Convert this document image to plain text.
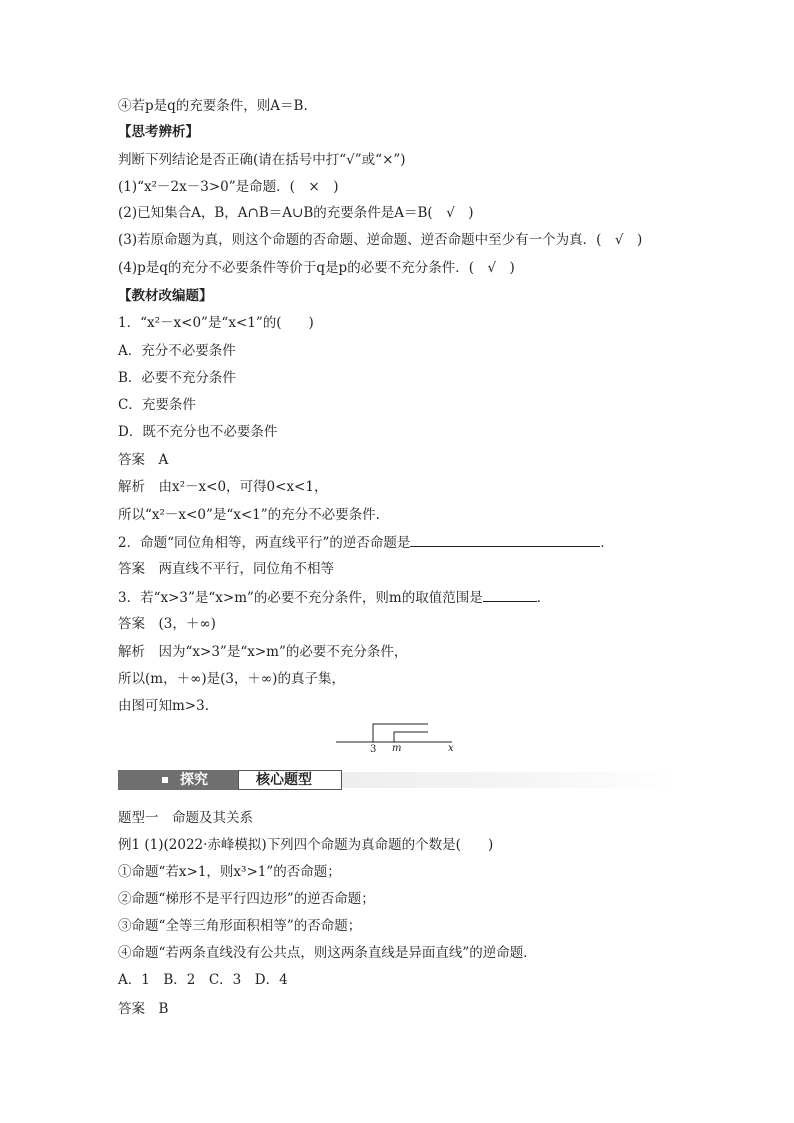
④若p是q的充要条件，则A＝B.
【思考辨析】
判断下列结论是否正确(请在括号中打“√”或“×”)
(1)“x²－2x－3>0”是命题．(　×　)
(2)已知集合A，B，A∩B＝A∪B的充要条件是A＝B(　√　)
(3)若原命题为真，则这个命题的否命题、逆命题、逆否命题中至少有一个为真．(　√　)
(4)p是q的充分不必要条件等价于q是p的必要不充分条件．(　√　)
【教材改编题】
1．“x²－x<0”是“x<1”的(　　)
A．充分不必要条件
B．必要不充分条件
C．充要条件
D．既不充分也不必要条件
答案　A
解析　由x²－x<0，可得0<x<1，
所以“x²－x<0”是“x<1”的充分不必要条件．
2．命题“同位角相等，两直线平行”的逆否命题是	．
答案　两直线不平行，同位角不相等
3．若“x>3”是“x>m”的必要不充分条件，则m的取值范围是	．
答案　(3，＋∞)
解析　因为“x>3”是“x>m”的必要不充分条件，
所以(m，＋∞)是(3，＋∞)的真子集，
由图可知m>3.
3 m	x
探究	核心题型
题型一　命题及其关系
例1 (1)(2022·赤峰模拟)下列四个命题为真命题的个数是(　　)
①命题“若x>1，则x³>1”的否命题；
②命题“梯形不是平行四边形”的逆否命题；
③命题“全等三角形面积相等”的否命题；
④命题“若两条直线没有公共点，则这两条直线是异面直线”的逆命题．
A．1　B．2　C．3　D．4
答案　B
